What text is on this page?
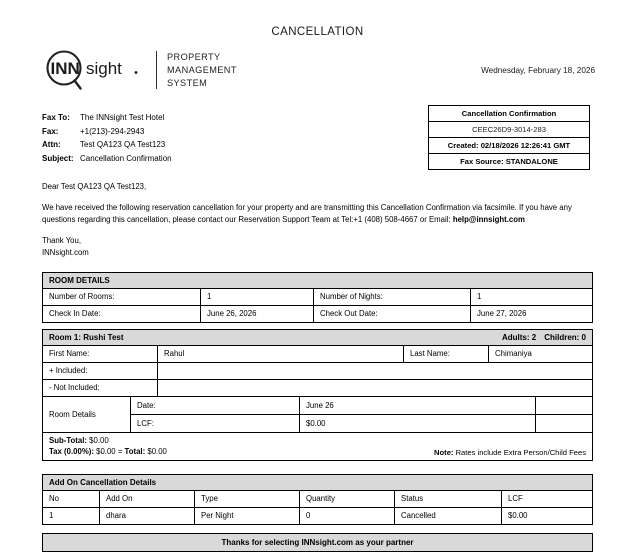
CANCELLATION
INN sight
PROPERTY
MANAGEMENT
SYSTEM
Wednesday, February 18, 2026
Fax To:	The INNsight Test Hotel
Fax:	+1(213)-294-2943
Attn:	Test QA123 QA Test123
Subject: Cancellation Confirmation
Cancellation Confirmation
CEEC26D9-3014-283
Created: 02/18/2026 12:26:41 GMT
Fax Source: STANDALONE

Dear Test QA123 QA Test123,

We have received the following reservation cancellation for your property and are transmitting this Cancellation Confirmation via facsimile. If you have any questions regarding this cancellation, please contact our Reservation Support Team at Tel:+1 (408) 508-4667 or Email: help@innsight.com

Thank You,
INNsight.com

ROOM DETAILS
Number of Rooms:	1	Number of Nights:	1
Check In Date:	June 26, 2026	Check Out Date:	June 27, 2026
Room 1: Rushi Test	Adults: 2	Children: 0
First Name:	Rahul	Last Name:	Chimaniya
+ Included:
- Not Included:
Room Details
Date:	June 26
LCF:	$0.00
Sub-Total: $0.00
Tax (0.00%): $0.00 = Total: $0.00	Note: Rates include Extra Person/Child Fees
Add On Cancellation Details
No	Add On	Type	Quantity	Status	LCF
1	dhara	Per Night	0	Cancelled	$0.00
Thanks for selecting INNsight.com as your partner
